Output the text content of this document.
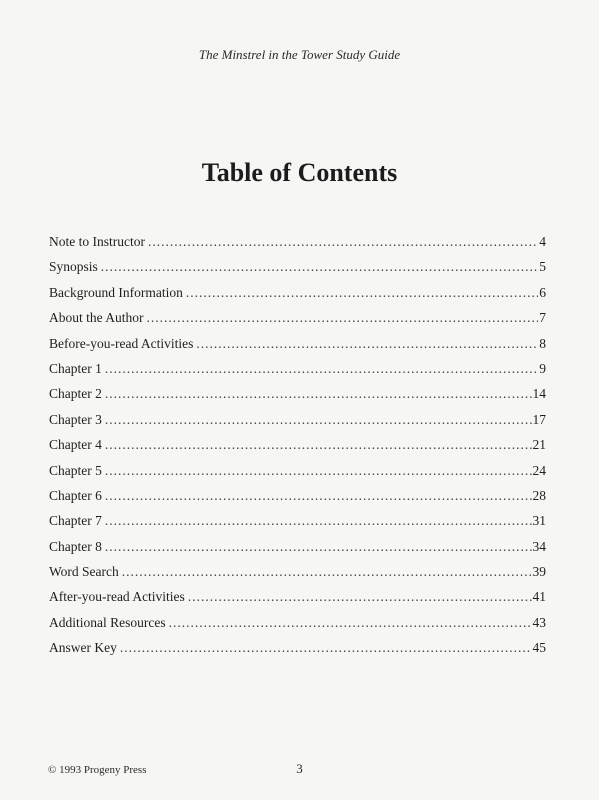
The Minstrel in the Tower Study Guide
Table of Contents
Note to Instructor .....	4
Synopsis .....	5
Background Information .....	6
About the Author .....	7
Before-you-read Activities .....	8
Chapter 1 .....	9
Chapter 2 .....	14
Chapter 3 .....	17
Chapter 4 .....	21
Chapter 5 .....	24
Chapter 6 .....	28
Chapter 7 .....	31
Chapter 8 .....	34
Word Search .....	39
After-you-read Activities .....	41
Additional Resources .....	43
Answer Key .....	45
© 1993 Progeny Press	3
